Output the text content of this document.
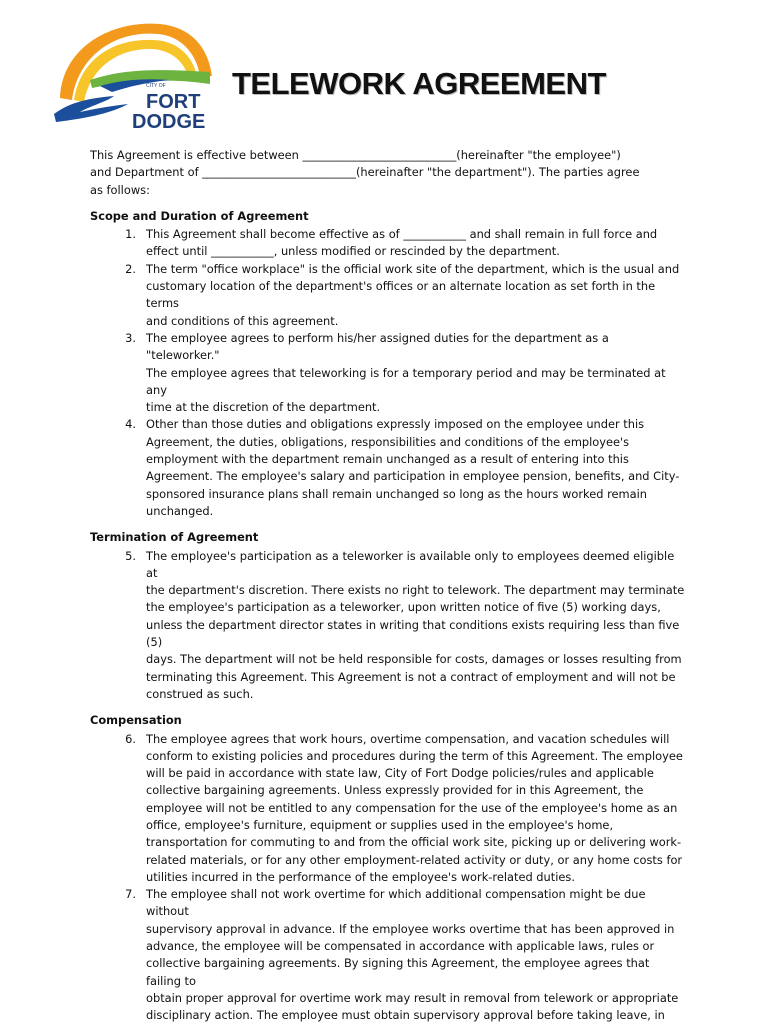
CITY OF
FORT
DODGE
TELEWORK AGREEMENT

This Agreement is effective between ___________________________(hereinafter "the employee")
and Department of ___________________________(hereinafter "the department"). The parties agree
as follows:

Scope and Duration of Agreement

1. This Agreement shall become effective as of ___________ and shall remain in full force and
effect until ___________, unless modified or rescinded by the department.
2. The term "office workplace" is the official work site of the department, which is the usual and
customary location of the department's offices or an alternate location as set forth in the terms
and conditions of this agreement.
3. The employee agrees to perform his/her assigned duties for the department as a "teleworker."
The employee agrees that teleworking is for a temporary period and may be terminated at any
time at the discretion of the department.
4. Other than those duties and obligations expressly imposed on the employee under this
Agreement, the duties, obligations, responsibilities and conditions of the employee's
employment with the department remain unchanged as a result of entering into this
Agreement. The employee's salary and participation in employee pension, benefits, and City-
sponsored insurance plans shall remain unchanged so long as the hours worked remain
unchanged.

Termination of Agreement

5. The employee's participation as a teleworker is available only to employees deemed eligible at
the department's discretion. There exists no right to telework. The department may terminate
the employee's participation as a teleworker, upon written notice of five (5) working days,
unless the department director states in writing that conditions exists requiring less than five (5)
days. The department will not be held responsible for costs, damages or losses resulting from
terminating this Agreement. This Agreement is not a contract of employment and will not be
construed as such.

Compensation

6. The employee agrees that work hours, overtime compensation, and vacation schedules will
conform to existing policies and procedures during the term of this Agreement. The employee
will be paid in accordance with state law, City of Fort Dodge policies/rules and applicable
collective bargaining agreements. Unless expressly provided for in this Agreement, the
employee will not be entitled to any compensation for the use of the employee's home as an
office, employee's furniture, equipment or supplies used in the employee's home,
transportation for commuting to and from the official work site, picking up or delivering work-
related materials, or for any other employment-related activity or duty, or any home costs for
utilities incurred in the performance of the employee's work-related duties.
7. The employee shall not work overtime for which additional compensation might be due without
supervisory approval in advance. If the employee works overtime that has been approved in
advance, the employee will be compensated in accordance with applicable laws, rules or
collective bargaining agreements. By signing this Agreement, the employee agrees that failing to
obtain proper approval for overtime work may result in removal from telework or appropriate
disciplinary action. The employee must obtain supervisory approval before taking leave, in
